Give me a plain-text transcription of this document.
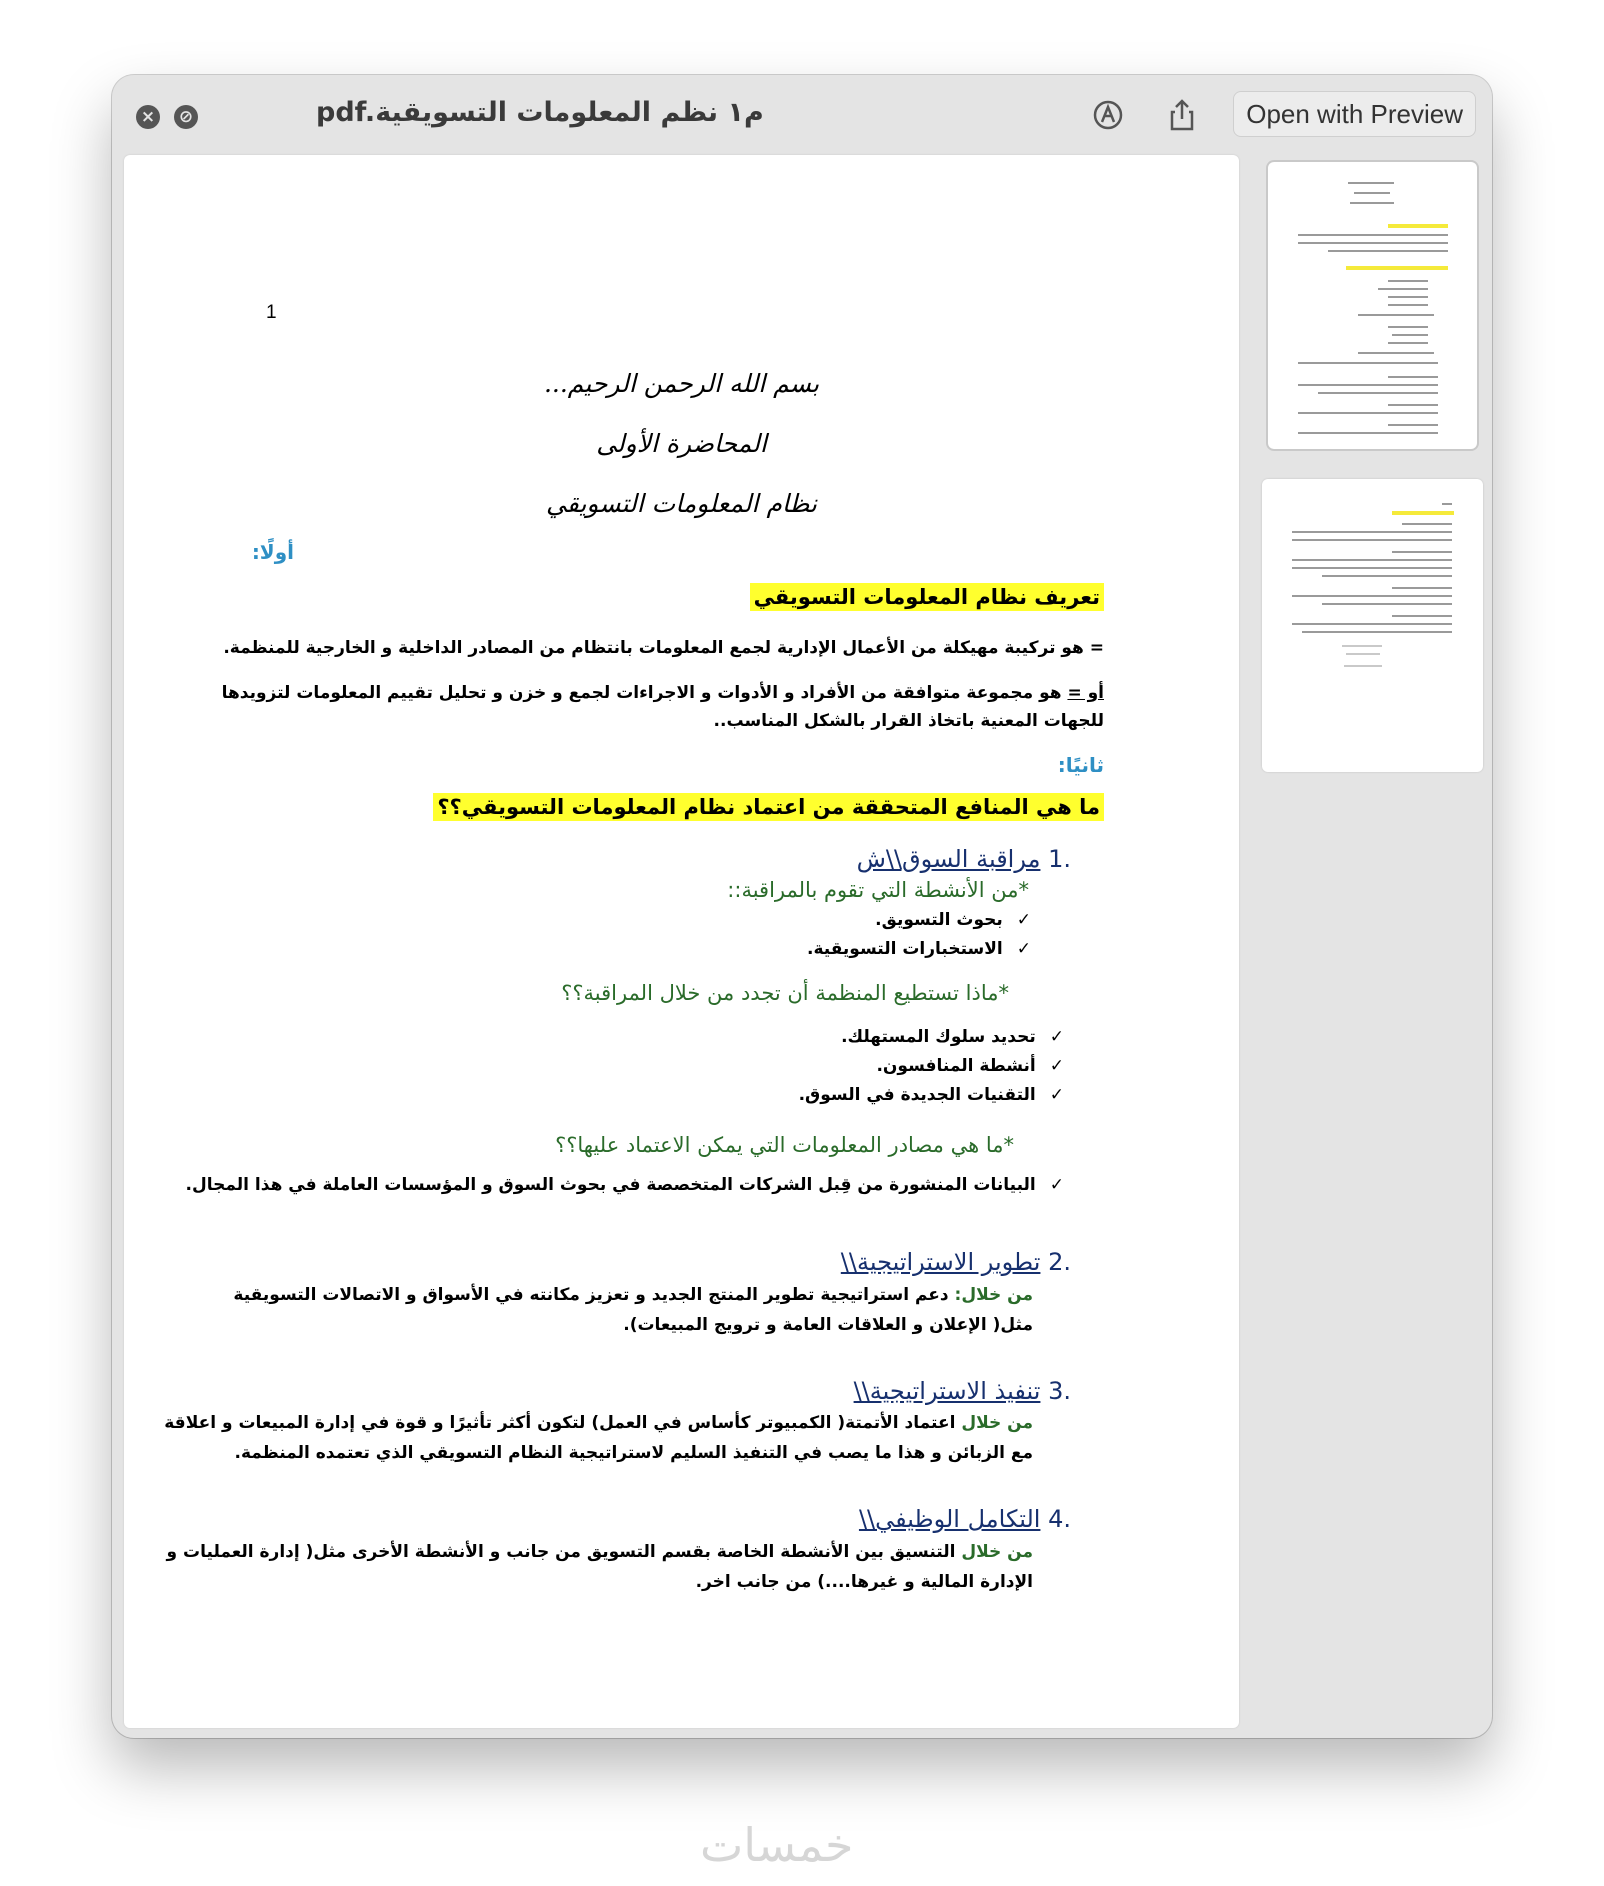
× ⊘	pdf.م١ نظم المعلومات التسويقية	Open with Preview
1
بسم الله الرحمن الرحيم...
المحاضرة الأولى
نظام المعلومات التسويقي
أولًا:
تعريف نظام المعلومات التسويقي
= هو تركيبة مهيكلة من الأعمال الإدارية لجمع المعلومات بانتظام من المصادر الداخلية و الخارجية للمنظمة.
أو = هو مجموعة متوافقة من الأفراد و الأدوات و الاجراءات لجمع و خزن و تحليل تقييم المعلومات لتزويدها
للجهات المعنية باتخاذ القرار بالشكل المناسب..
ثانيًا:
ما هي المنافع المتحققة من اعتماد نظام المعلومات التسويقي؟؟
.1 مراقبة السوق\\ش
*من الأنشطة التي تقوم بالمراقبة::
✓بحوث التسويق.
✓الاستخبارات التسويقية.
*ماذا تستطيع المنظمة أن تجدد من خلال المراقبة؟؟
✓تحديد سلوك المستهلك.
✓أنشطة المنافسون.
✓التقنيات الجديدة في السوق.
*ما هي مصادر المعلومات التي يمكن الاعتماد عليها؟؟
✓البيانات المنشورة من قِبل الشركات المتخصصة في بحوث السوق و المؤسسات العاملة في هذا المجال.
.2 تطوير الاستراتيجية\\
من خلال: دعم استراتيجية تطوير المنتج الجديد و تعزيز مكانته في الأسواق و الاتصالات التسويقية
مثل( الإعلان و العلاقات العامة و ترويج المبيعات).
.3 تنفيذ الاستراتيجية\\
من خلال اعتماد الأتمتة( الكمبيوتر كأساس في العمل) لتكون أكثر تأثيرًا و قوة في إدارة المبيعات و اعلاقة
مع الزبائن و هذا ما يصب في التنفيذ السليم لاستراتيجية النظام التسويقي الذي تعتمده المنظمة.
.4 التكامل الوظيفي\\
من خلال التنسيق بين الأنشطة الخاصة بقسم التسويق من جانب و الأنشطة الأخرى مثل( إدارة العمليات و
الإدارة المالية و غيرها....) من جانب اخر.
خمسات
